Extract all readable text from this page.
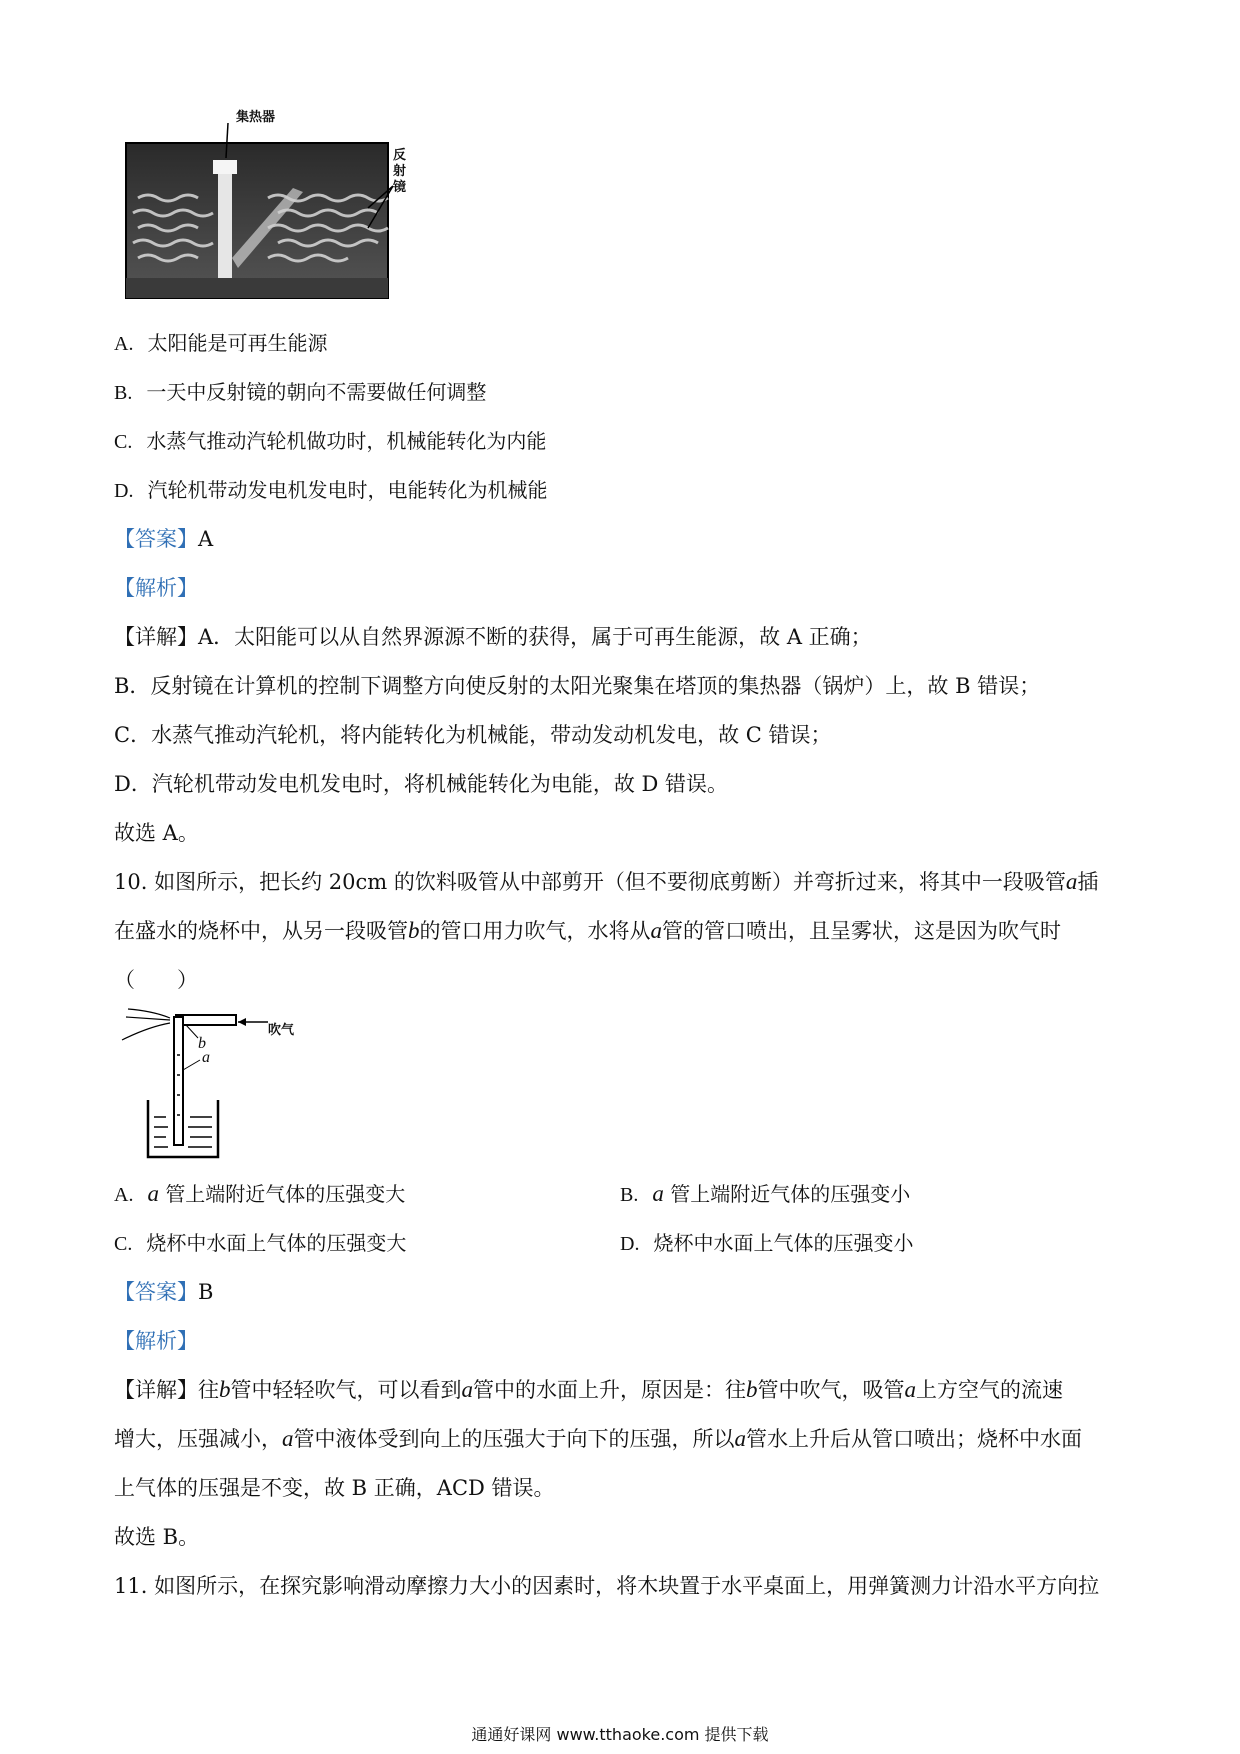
集热器
反射镜
A. 太阳能是可再生能源
B. 一天中反射镜的朝向不需要做任何调整
C. 水蒸气推动汽轮机做功时，机械能转化为内能
D. 汽轮机带动发电机发电时，电能转化为机械能
【答案】A
【解析】
【详解】A．太阳能可以从自然界源源不断的获得，属于可再生能源，故 A 正确；
B．反射镜在计算机的控制下调整方向使反射的太阳光聚集在塔顶的集热器（锅炉）上，故 B 错误；
C．水蒸气推动汽轮机，将内能转化为机械能，带动发动机发电，故 C 错误；
D．汽轮机带动发电机发电时，将机械能转化为电能，故 D 错误。
故选 A。
10. 如图所示，把长约 20cm 的饮料吸管从中部剪开（但不要彻底剪断）并弯折过来，将其中一段吸管a插
在盛水的烧杯中，从另一段吸管b的管口用力吹气，水将从a管的管口喷出，且呈雾状，这是因为吹气时
（　　）
吹气
b
a
A. a 管上端附近气体的压强变大	B. a 管上端附近气体的压强变小
C. 烧杯中水面上气体的压强变大	D. 烧杯中水面上气体的压强变小
【答案】B
【解析】
【详解】往b管中轻轻吹气，可以看到a管中的水面上升，原因是：往b管中吹气，吸管a上方空气的流速
增大，压强减小，a管中液体受到向上的压强大于向下的压强，所以a管水上升后从管口喷出；烧杯中水面
上气体的压强是不变，故 B 正确，ACD 错误。
故选 B。
11. 如图所示，在探究影响滑动摩擦力大小的因素时，将木块置于水平桌面上，用弹簧测力计沿水平方向拉
通通好课网 www.tthaoke.com 提供下载
